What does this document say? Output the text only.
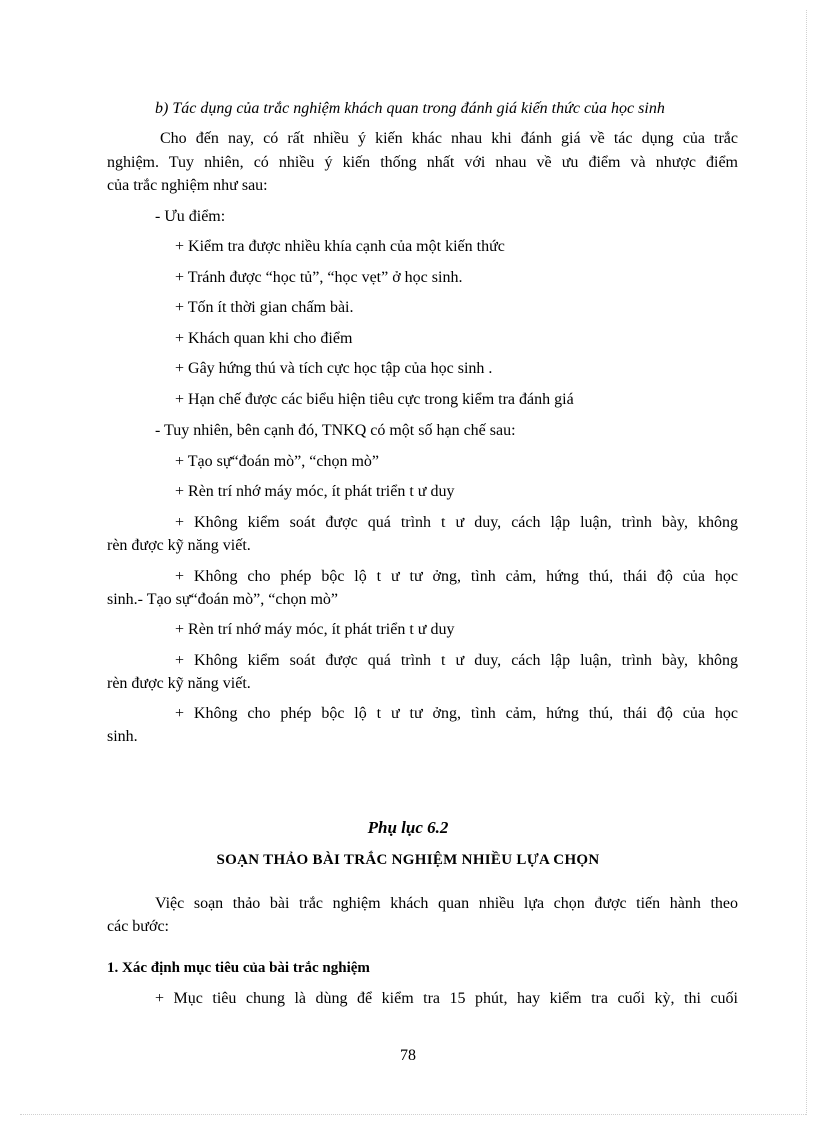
b) Tác dụng của trắc nghiệm khách quan trong đánh giá kiến thức của học sinh
Cho đến nay, có rất nhiều ý kiến khác nhau khi đánh giá về tác dụng của trắc
nghiệm. Tuy nhiên, có nhiều ý kiến thống nhất với nhau về ưu điểm và nhược điểm
của trắc nghiệm như sau:
- Ưu điểm:
+ Kiểm tra được nhiều khía cạnh của một kiến thức
+ Tránh được “học tủ”, “học vẹt” ở học sinh.
+ Tốn ít thời gian chấm bài.
+ Khách quan khi cho điểm
+ Gây hứng thú và tích cực học tập của học sinh .
+ Hạn chế được các biểu hiện tiêu cực trong kiểm tra đánh giá
- Tuy nhiên, bên cạnh đó, TNKQ có một số hạn chế sau:
+ Tạo sự“đoán mò”, “chọn mò”
+ Rèn trí nhớ máy móc, ít phát triển t ư duy
+ Không kiểm soát được quá trình t ư duy, cách lập luận, trình bày, không
rèn được kỹ năng viết.
+ Không cho phép bộc lộ t ư tư ởng, tình cảm, hứng thú, thái độ của học
sinh.- Tạo sự“đoán mò”, “chọn mò”
+ Rèn trí nhớ máy móc, ít phát triển t ư duy
+ Không kiểm soát được quá trình t ư duy, cách lập luận, trình bày, không
rèn được kỹ năng viết.
+ Không cho phép bộc lộ t ư tư ởng, tình cảm, hứng thú, thái độ của học
sinh.
Phụ lục 6.2
SOẠN THẢO BÀI TRẮC NGHIỆM NHIỀU LỰA CHỌN
Việc soạn thảo bài trắc nghiệm khách quan nhiều lựa chọn được tiến hành theo
các bước:
1. Xác định mục tiêu của bài trắc nghiệm
+ Mục tiêu chung là dùng để kiểm tra 15 phút, hay kiểm tra cuối kỳ, thi cuối
78
